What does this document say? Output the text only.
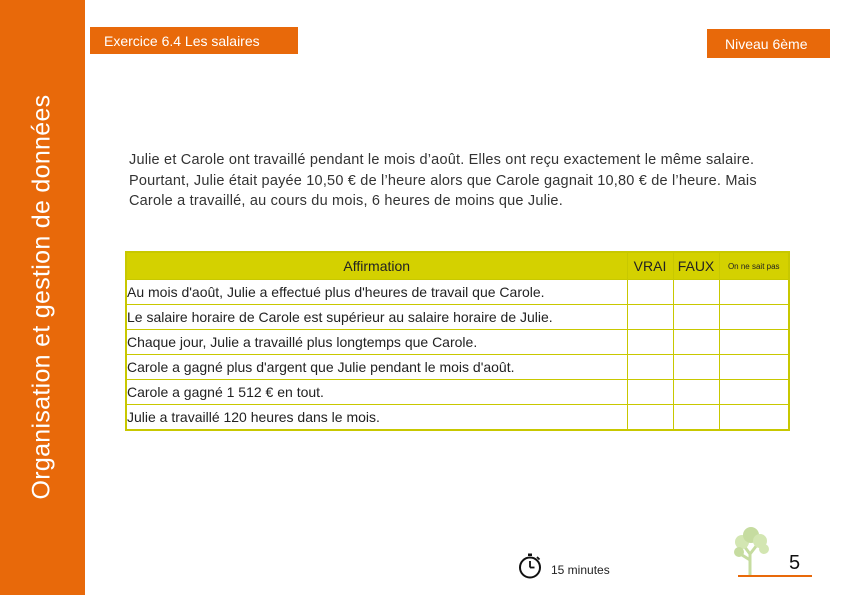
Organisation et gestion de données
Exercice 6.4 Les salaires	Niveau 6ème

Julie et Carole ont travaillé pendant le mois d’août. Elles ont reçu exactement le même salaire.

Pourtant, Julie était payée 10,50 € de l’heure alors que Carole gagnait 10,80 € de l’heure. Mais Carole a travaillé, au cours du mois, 6 heures de moins que Julie.

Affirmation	VRAI	FAUX	On ne sait pas
Au mois d'août, Julie a effectué plus d'heures de travail que Carole.			
Le salaire horaire de Carole est supérieur au salaire horaire de Julie.			
Chaque jour, Julie a travaillé plus longtemps que Carole.			
Carole a gagné plus d'argent que Julie pendant le mois d'août.			
Carole a gagné 1 512 € en tout.			
Julie a travaillé 120 heures dans le mois.			
15 minutes	5
